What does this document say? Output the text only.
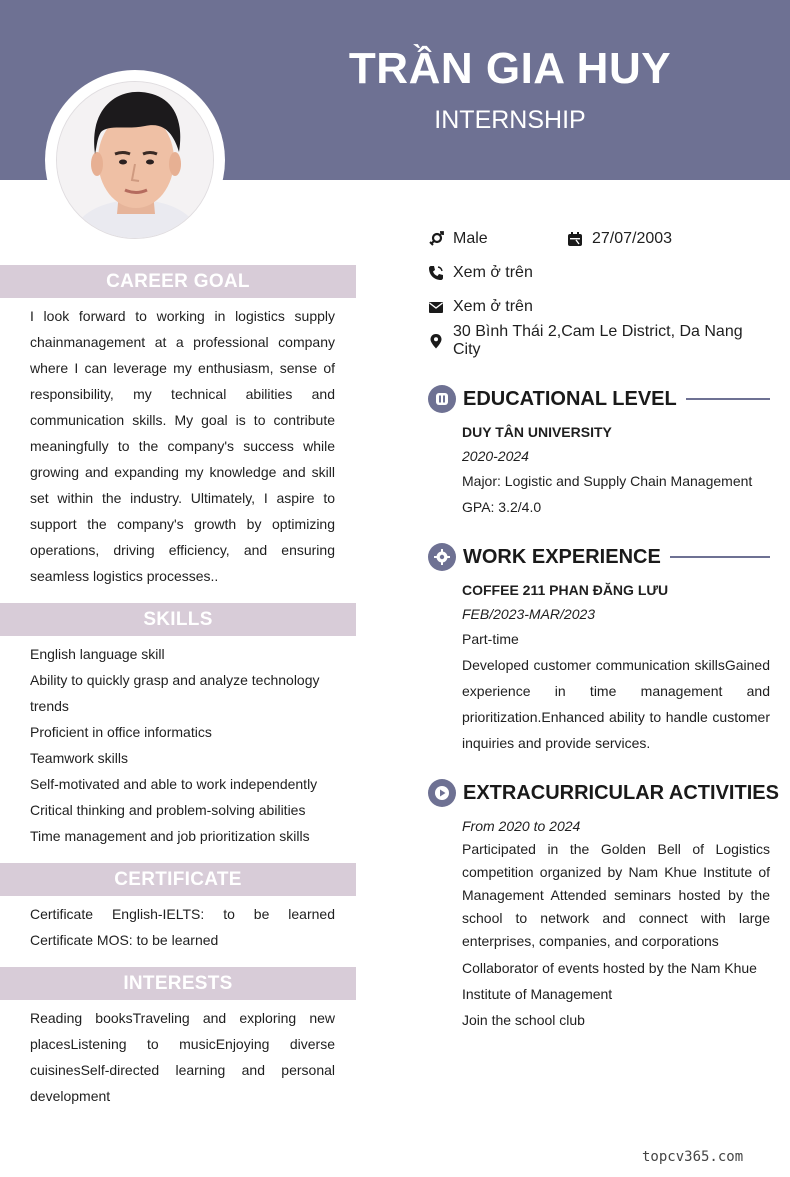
TRẦN GIA HUY
INTERNSHIP
CAREER GOAL
I look forward to working in logistics supply chainmanagement at a professional company where I can leverage my enthusiasm, sense of responsibility, my technical abilities and communication skills. My goal is to contribute meaningfully to the company's success while growing and expanding my knowledge and skill set within the industry. Ultimately, I aspire to support the company's growth by optimizing operations, driving efficiency, and ensuring seamless logistics processes..
SKILLS
English language skill
Ability to quickly grasp and analyze technology trends
Proficient in office informatics
Teamwork skills
Self-motivated and able to work independently
Critical thinking and problem-solving abilities
Time management and job prioritization skills
CERTIFICATE
Certificate English-IELTS: to be learned Certificate MOS: to be learned
INTERESTS
Reading booksTraveling and exploring new placesListening to musicEnjoying diverse cuisinesSelf-directed learning and personal development
Male	27/07/2003
Xem ở trên
Xem ở trên
30 Bình Thái 2,Cam Le District, Da Nang City
EDUCATIONAL LEVEL
DUY TÂN UNIVERSITY
2020-2024
Major: Logistic and Supply Chain Management
GPA: 3.2/4.0
WORK EXPERIENCE
COFFEE 211 PHAN ĐĂNG LƯU
FEB/2023-MAR/2023
Part-time
Developed customer communication skillsGained experience in time management and prioritization.Enhanced ability to handle customer inquiries and provide services.
EXTRACURRICULAR ACTIVITIES
From 2020 to 2024
Participated in the Golden Bell of Logistics competition organized by Nam Khue Institute of Management Attended seminars hosted by the school to network and connect with large enterprises, companies, and corporations
Collaborator of events hosted by the Nam Khue Institute of Management
Join the school club
topcv365.com
